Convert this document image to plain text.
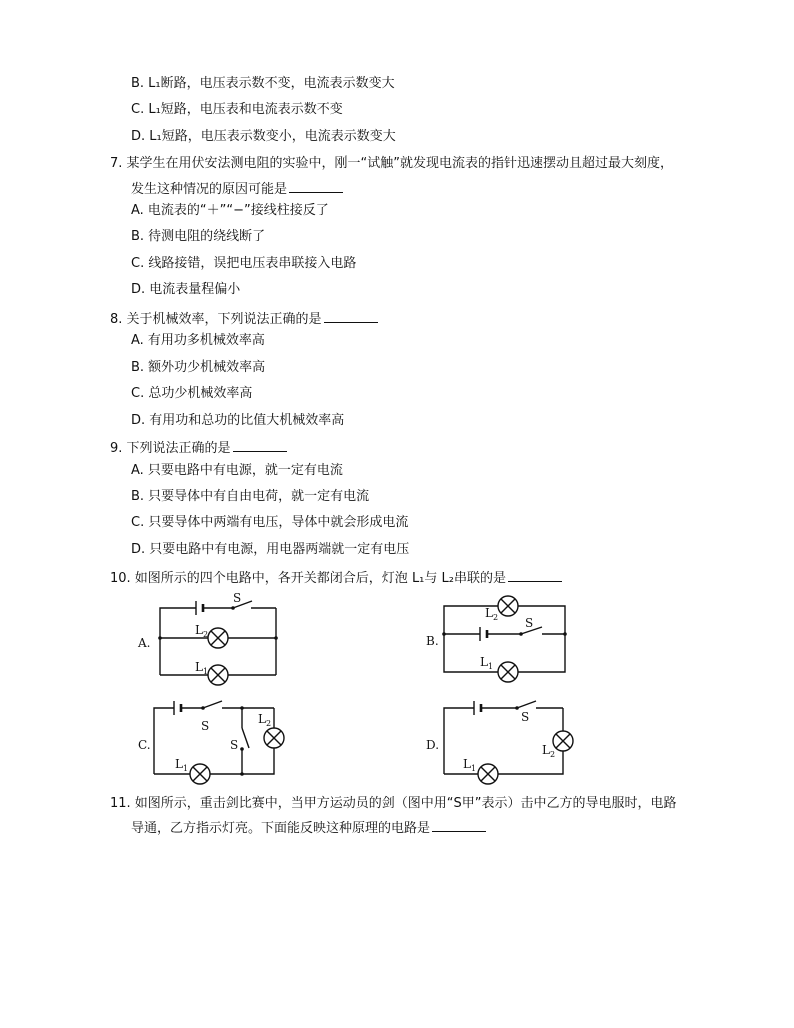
B. L₁断路，电压表示数不变，电流表示数变大
C. L₁短路，电压表和电流表示数不变
D. L₁短路，电压表示数变小，电流表示数变大
7. 某学生在用伏安法测电阻的实验中，刚一“试触”就发现电流表的指针迅速摆动且超过最大刻度，
发生这种情况的原因可能是
A. 电流表的“＋”“−”接线柱接反了
B. 待测电阻的绕线断了
C. 线路接错，误把电压表串联接入电路
D. 电流表量程偏小
8. 关于机械效率，下列说法正确的是
A. 有用功多机械效率高
B. 额外功少机械效率高
C. 总功少机械效率高
D. 有用功和总功的比值大机械效率高
9. 下列说法正确的是
A. 只要电路中有电源，就一定有电流
B. 只要导体中有自由电荷，就一定有电流
C. 只要导体中两端有电压，导体中就会形成电流
D. 只要电路中有电源，用电器两端就一定有电压
10. 如图所示的四个电路中，各开关都闭合后，灯泡 L₁与 L₂串联的是
A.
S
$L_2$
$L_1$
B.
$L_2$ S
$L_1$
C.
S	$L_2$
S
$L_1$
D.
S
$L_2$
$L_1$
11. 如图所示，重击剑比赛中，当甲方运动员的剑（图中用“S甲”表示）击中乙方的导电服时，电路
导通，乙方指示灯亮。下面能反映这种原理的电路是
